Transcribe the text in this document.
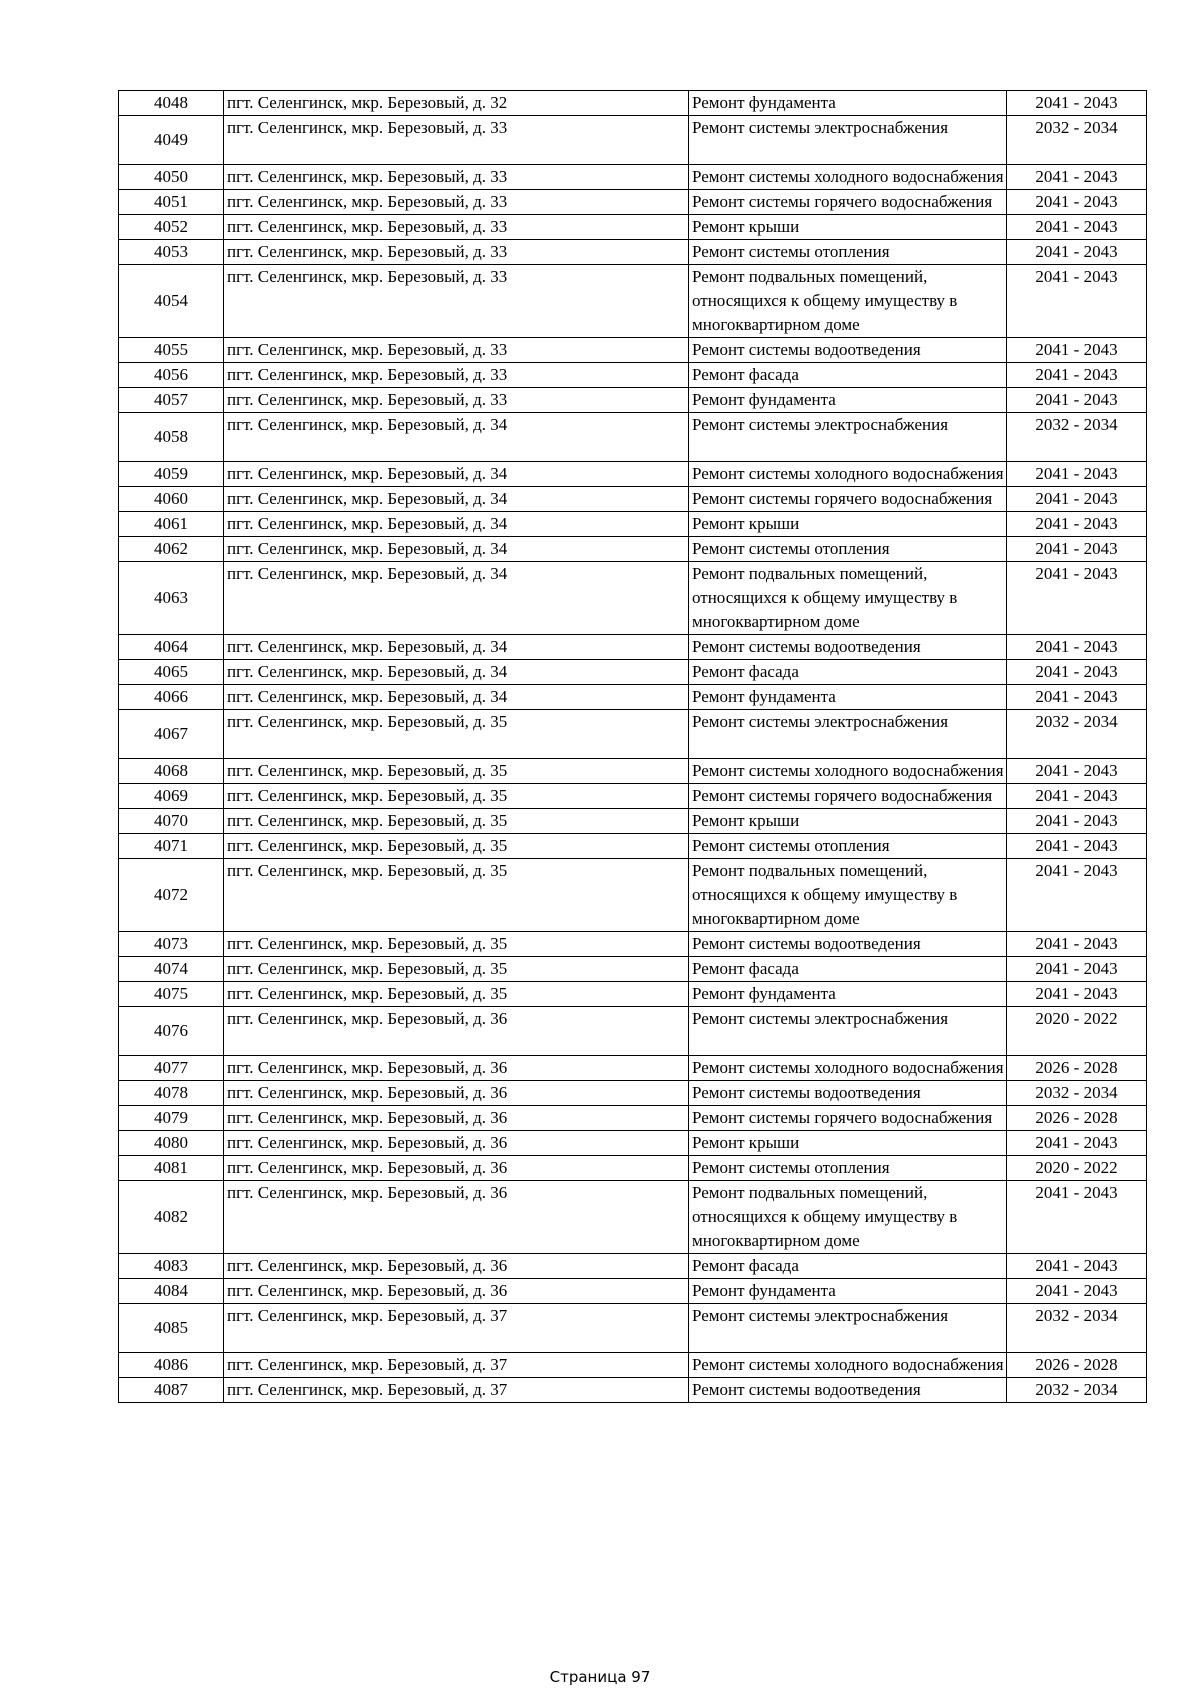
4048	пгт. Селенгинск, мкр. Березовый, д. 32	Ремонт фундамента	2041 - 2043
4049	пгт. Селенгинск, мкр. Березовый, д. 33	Ремонт системы электроснабжения	2032 - 2034
4050	пгт. Селенгинск, мкр. Березовый, д. 33	Ремонт системы холодного водоснабжения	2041 - 2043
4051	пгт. Селенгинск, мкр. Березовый, д. 33	Ремонт системы горячего водоснабжения	2041 - 2043
4052	пгт. Селенгинск, мкр. Березовый, д. 33	Ремонт крыши	2041 - 2043
4053	пгт. Селенгинск, мкр. Березовый, д. 33	Ремонт системы отопления	2041 - 2043
4054	пгт. Селенгинск, мкр. Березовый, д. 33	Ремонт подвальных помещений, относящихся к общему имуществу в многоквартирном доме	2041 - 2043
4055	пгт. Селенгинск, мкр. Березовый, д. 33	Ремонт системы водоотведения	2041 - 2043
4056	пгт. Селенгинск, мкр. Березовый, д. 33	Ремонт фасада	2041 - 2043
4057	пгт. Селенгинск, мкр. Березовый, д. 33	Ремонт фундамента	2041 - 2043
4058	пгт. Селенгинск, мкр. Березовый, д. 34	Ремонт системы электроснабжения	2032 - 2034
4059	пгт. Селенгинск, мкр. Березовый, д. 34	Ремонт системы холодного водоснабжения	2041 - 2043
4060	пгт. Селенгинск, мкр. Березовый, д. 34	Ремонт системы горячего водоснабжения	2041 - 2043
4061	пгт. Селенгинск, мкр. Березовый, д. 34	Ремонт крыши	2041 - 2043
4062	пгт. Селенгинск, мкр. Березовый, д. 34	Ремонт системы отопления	2041 - 2043
4063	пгт. Селенгинск, мкр. Березовый, д. 34	Ремонт подвальных помещений, относящихся к общему имуществу в многоквартирном доме	2041 - 2043
4064	пгт. Селенгинск, мкр. Березовый, д. 34	Ремонт системы водоотведения	2041 - 2043
4065	пгт. Селенгинск, мкр. Березовый, д. 34	Ремонт фасада	2041 - 2043
4066	пгт. Селенгинск, мкр. Березовый, д. 34	Ремонт фундамента	2041 - 2043
4067	пгт. Селенгинск, мкр. Березовый, д. 35	Ремонт системы электроснабжения	2032 - 2034
4068	пгт. Селенгинск, мкр. Березовый, д. 35	Ремонт системы холодного водоснабжения	2041 - 2043
4069	пгт. Селенгинск, мкр. Березовый, д. 35	Ремонт системы горячего водоснабжения	2041 - 2043
4070	пгт. Селенгинск, мкр. Березовый, д. 35	Ремонт крыши	2041 - 2043
4071	пгт. Селенгинск, мкр. Березовый, д. 35	Ремонт системы отопления	2041 - 2043
4072	пгт. Селенгинск, мкр. Березовый, д. 35	Ремонт подвальных помещений, относящихся к общему имуществу в многоквартирном доме	2041 - 2043
4073	пгт. Селенгинск, мкр. Березовый, д. 35	Ремонт системы водоотведения	2041 - 2043
4074	пгт. Селенгинск, мкр. Березовый, д. 35	Ремонт фасада	2041 - 2043
4075	пгт. Селенгинск, мкр. Березовый, д. 35	Ремонт фундамента	2041 - 2043
4076	пгт. Селенгинск, мкр. Березовый, д. 36	Ремонт системы электроснабжения	2020 - 2022
4077	пгт. Селенгинск, мкр. Березовый, д. 36	Ремонт системы холодного водоснабжения	2026 - 2028
4078	пгт. Селенгинск, мкр. Березовый, д. 36	Ремонт системы водоотведения	2032 - 2034
4079	пгт. Селенгинск, мкр. Березовый, д. 36	Ремонт системы горячего водоснабжения	2026 - 2028
4080	пгт. Селенгинск, мкр. Березовый, д. 36	Ремонт крыши	2041 - 2043
4081	пгт. Селенгинск, мкр. Березовый, д. 36	Ремонт системы отопления	2020 - 2022
4082	пгт. Селенгинск, мкр. Березовый, д. 36	Ремонт подвальных помещений, относящихся к общему имуществу в многоквартирном доме	2041 - 2043
4083	пгт. Селенгинск, мкр. Березовый, д. 36	Ремонт фасада	2041 - 2043
4084	пгт. Селенгинск, мкр. Березовый, д. 36	Ремонт фундамента	2041 - 2043
4085	пгт. Селенгинск, мкр. Березовый, д. 37	Ремонт системы электроснабжения	2032 - 2034
4086	пгт. Селенгинск, мкр. Березовый, д. 37	Ремонт системы холодного водоснабжения	2026 - 2028
4087	пгт. Селенгинск, мкр. Березовый, д. 37	Ремонт системы водоотведения	2032 - 2034
Страница 97
